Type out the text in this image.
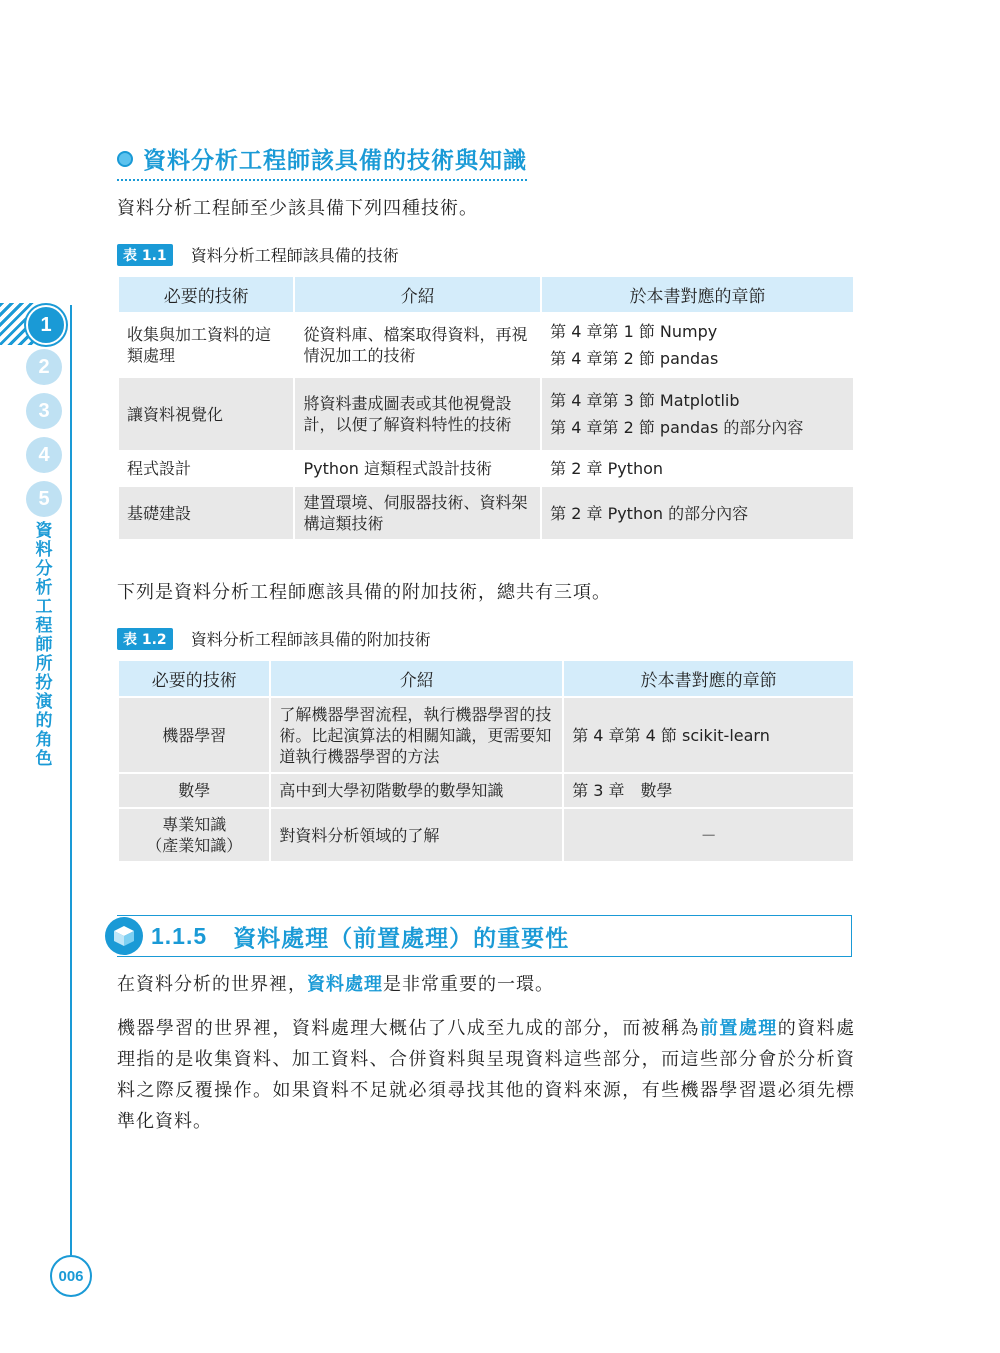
1
2
3
4
5
資料分析工程師所扮演的角色
006
資料分析工程師該具備的技術與知識
資料分析工程師至少該具備下列四種技術。
表 1.1	資料分析工程師該具備的技術
必要的技術	介紹	於本書對應的章節
收集與加工資料的這類處理	從資料庫、檔案取得資料，再視情況加工的技術	第 4 章第 1 節 Numpy
第 4 章第 2 節 pandas

讓資料視覺化	將資料畫成圖表或其他視覺設計，以便了解資料特性的技術	第 4 章第 3 節 Matplotlib
第 4 章第 2 節 pandas 的部分內容

程式設計	Python 這類程式設計技術	第 2 章 Python
基礎建設	建置環境、伺服器技術、資料架構這類技術	第 2 章 Python 的部分內容
下列是資料分析工程師應該具備的附加技術，總共有三項。
表 1.2	資料分析工程師該具備的附加技術
必要的技術	介紹	於本書對應的章節
機器學習	了解機器學習流程，執行機器學習的技術。比起演算法的相關知識，更需要知道執行機器學習的方法	第 4 章第 4 節 scikit-learn
數學	高中到大學初階數學的數學知識	第 3 章　數學

專業知識
（產業知識）	對資料分析領域的了解	－
1.1.5 資料處理（前置處理）的重要性
在資料分析的世界裡，資料處理是非常重要的一環。
機器學習的世界裡，資料處理大概佔了八成至九成的部分，而被稱為前置處理的資料處理指的是收集資料、加工資料、合併資料與呈現資料這些部分，而這些部分會於分析資料之際反覆操作。如果資料不足就必須尋找其他的資料來源，有些機器學習還必須先標準化資料。
